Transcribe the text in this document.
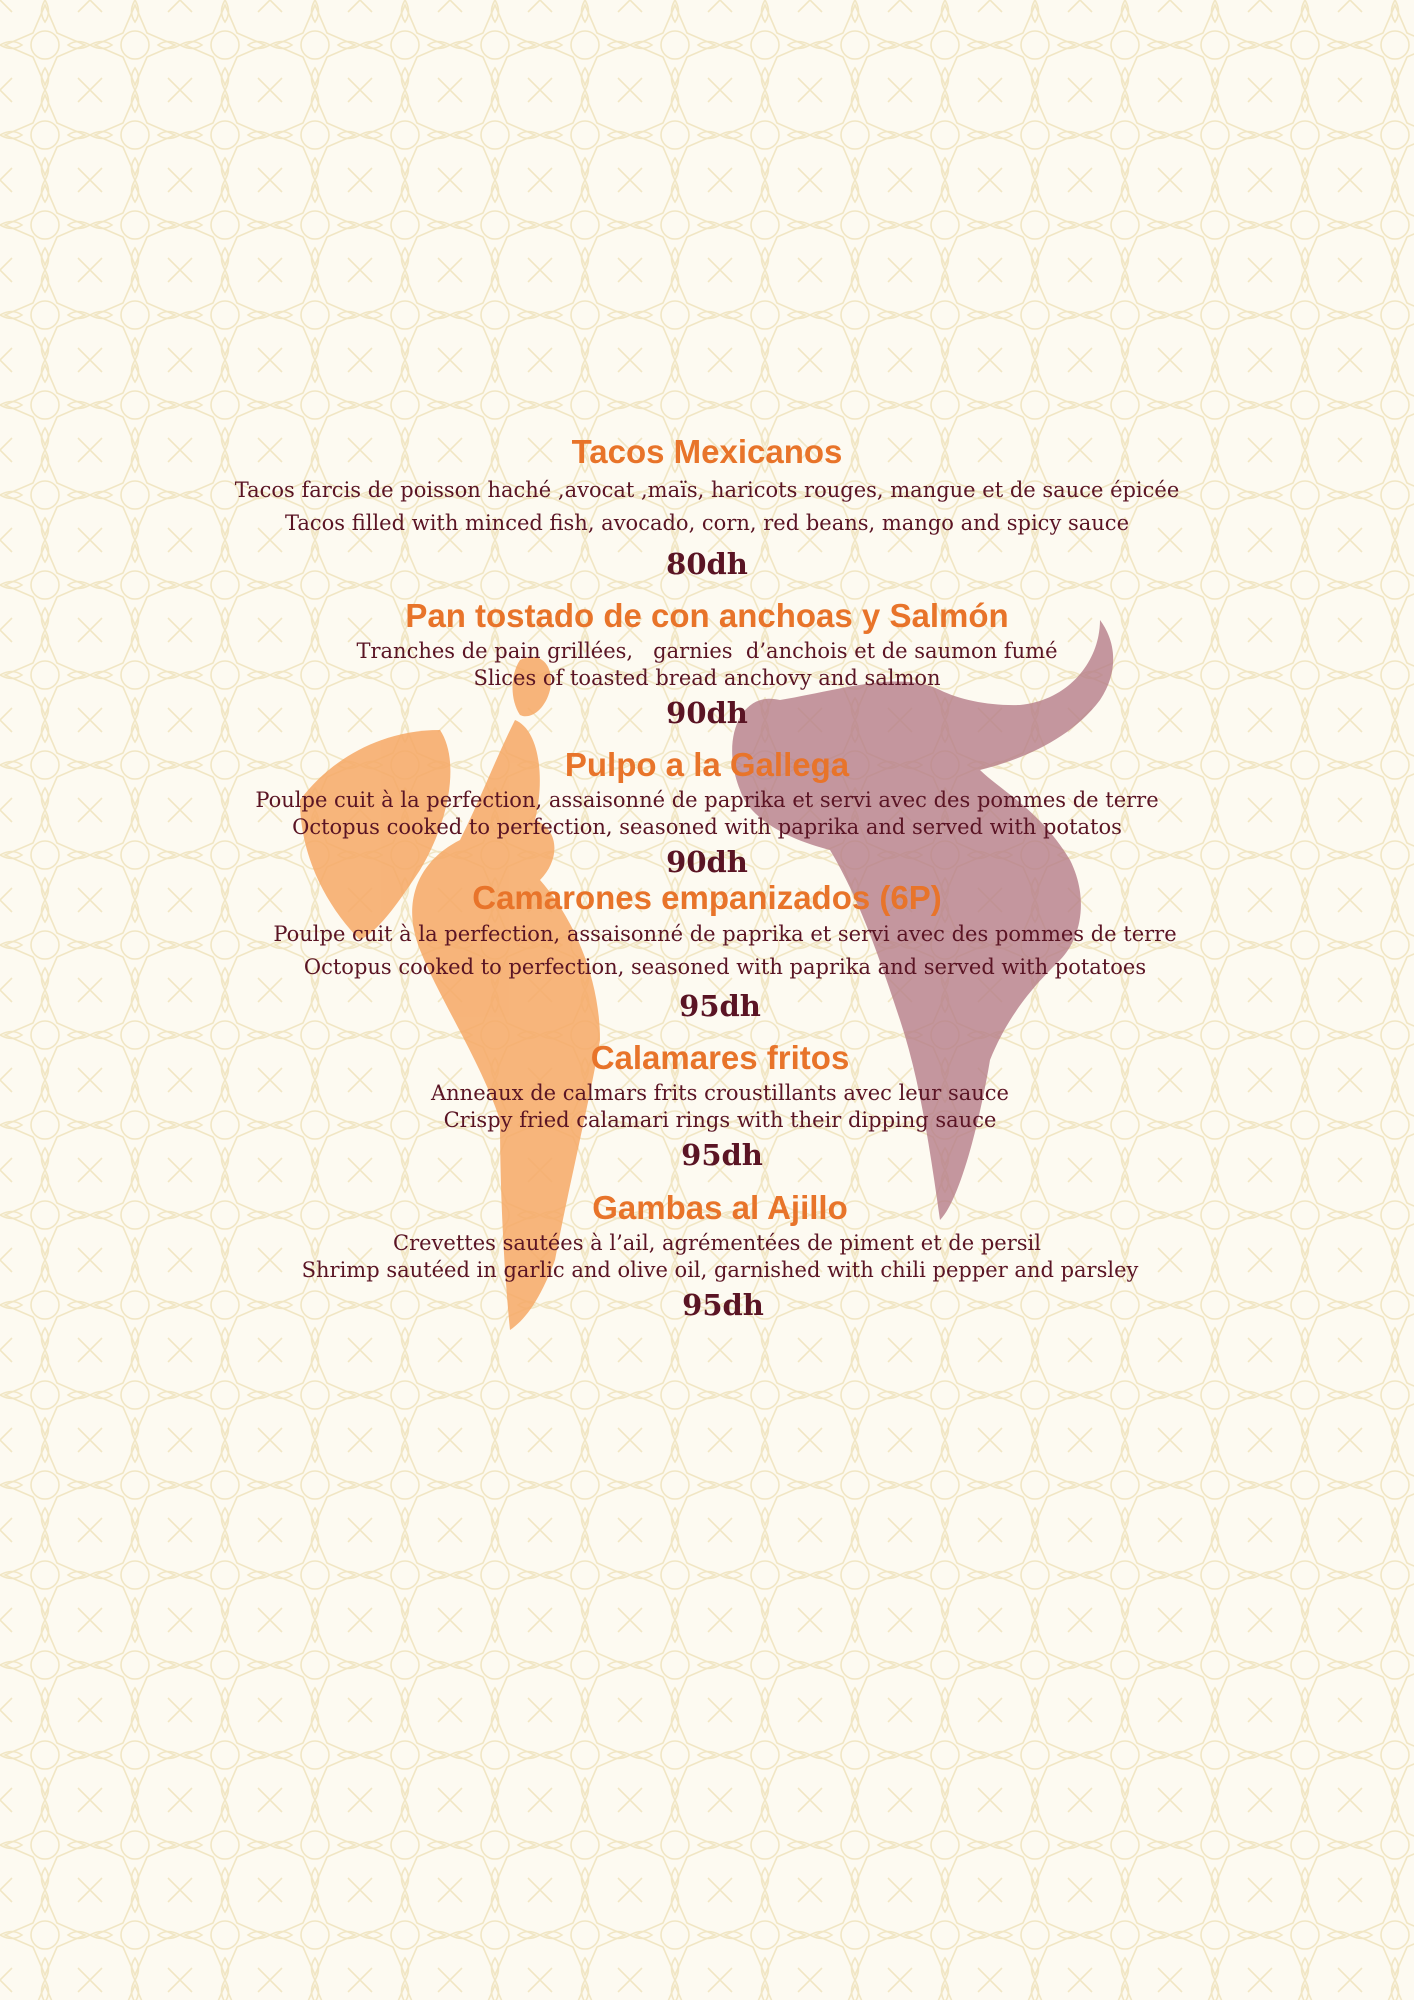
Tacos Mexicanos

Tacos farcis de poisson haché ,avocat ,maïs, haricots rouges, mangue et de sauce épicée

Tacos filled with minced fish, avocado, corn, red beans, mango and spicy sauce

80dh

Pan tostado de con anchoas y Salmón

Tranches de pain grillées,   garnies  d’anchois et de saumon fumé

Slices of toasted bread anchovy and salmon

90dh

Pulpo a la Gallega

Poulpe cuit à la perfection, assaisonné de paprika et servi avec des pommes de terre

Octopus cooked to perfection, seasoned with paprika and served with potatos

90dh

Camarones empanizados (6P)

Poulpe cuit à la perfection, assaisonné de paprika et servi avec des pommes de terre

Octopus cooked to perfection, seasoned with paprika and served with potatoes

95dh

Calamares fritos

Anneaux de calmars frits croustillants avec leur sauce

Crispy fried calamari rings with their dipping sauce

95dh

Gambas al Ajillo

Crevettes sautées à l’ail, agrémentées de piment et de persil

Shrimp sautéed in garlic and olive oil, garnished with chili pepper and parsley

95dh
